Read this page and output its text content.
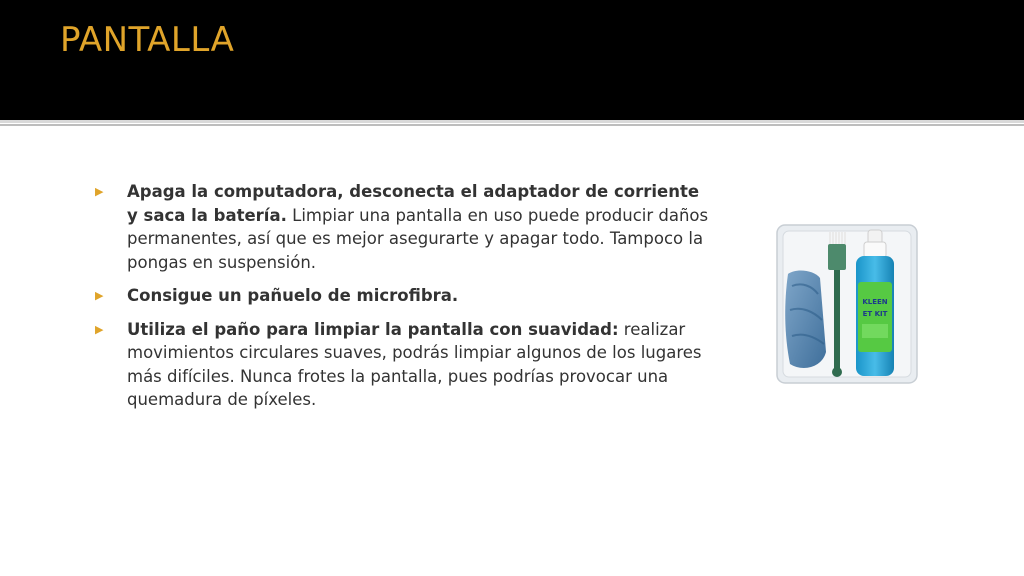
PANTALLA
▶ Apaga la computadora, desconecta el adaptador de corriente y saca la batería. Limpiar una pantalla en uso puede producir daños permanentes, así que es mejor asegurarte y apagar todo. Tampoco la pongas en suspensión.
▶ Consigue un pañuelo de microfibra.
▶ Utiliza el paño para limpiar la pantalla con suavidad: realizar movimientos circulares suaves, podrás limpiar algunos de los lugares más difíciles. Nunca frotes la pantalla, pues podrías provocar una quemadura de píxeles.
KLEEN
ET KIT
